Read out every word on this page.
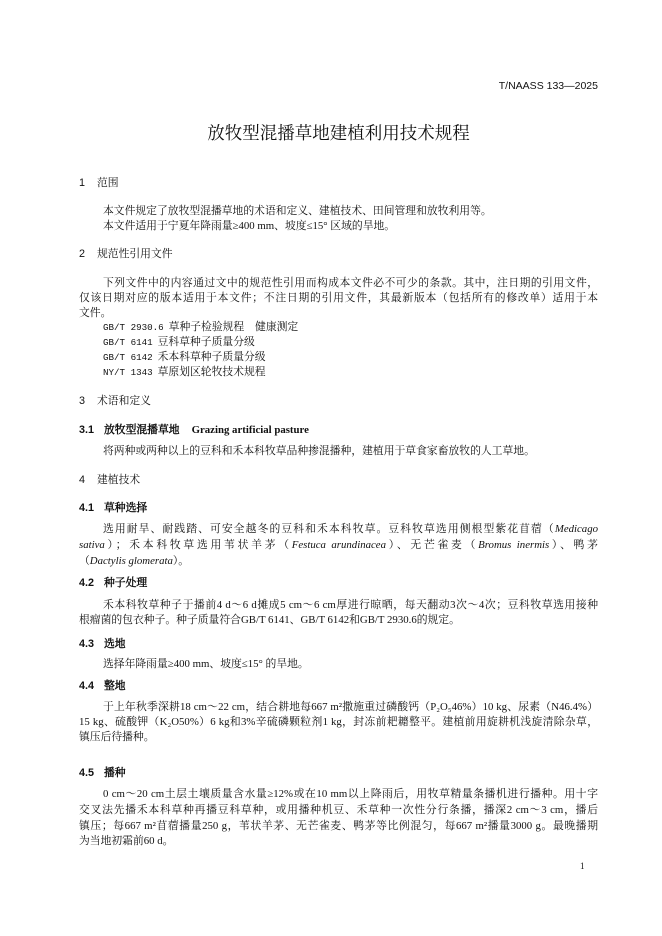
T/NAASS 133—2025
放牧型混播草地建植利用技术规程
1 范围
本文件规定了放牧型混播草地的术语和定义、建植技术、田间管理和放牧利用等。
本文件适用于宁夏年降雨量≥400 mm、坡度≤15° 区域的旱地。
2 规范性引用文件
下列文件中的内容通过文中的规范性引用而构成本文件必不可少的条款。其中，注日期的引用文件，
仅该日期对应的版本适用于本文件；不注日期的引用文件，其最新版本（包括所有的修改单）适用于本
文件。
GB/T 2930.6 草种子检验规程　健康测定
GB/T 6141 豆科草种子质量分级
GB/T 6142 禾本科草种子质量分级
NY/T 1343 草原划区轮牧技术规程
3 术语和定义
3.1 放牧型混播草地 Grazing artificial pasture
将两种或两种以上的豆科和禾本科牧草品种掺混播种，建植用于草食家畜放牧的人工草地。
4 建植技术
4.1 草种选择
选用耐旱、耐践踏、可安全越冬的豆科和禾本科牧草。豆科牧草选用侧根型紫花苜蓿（Medicago
sativa）；禾本科牧草选用苇状羊茅（Festuca arundinacea）、无芒雀麦（Bromus inermis）、鸭茅
（Dactylis glomerata）。
4.2 种子处理
禾本科牧草种子于播前4 d～6 d摊成5 cm～6 cm厚进行晾晒，每天翻动3次～4次；豆科牧草选用接种
根瘤菌的包衣种子。种子质量符合GB/T 6141、GB/T 6142和GB/T 2930.6的规定。
4.3 选地
选择年降雨量≥400 mm、坡度≤15° 的旱地。
4.4 整地
于上年秋季深耕18 cm～22 cm，结合耕地每667 m²撒施重过磷酸钙（P₂O₅46%）10 kg、尿素（N46.4%）
15 kg、硫酸钾（K₂O50%）6 kg和3%辛硫磷颗粒剂1 kg，封冻前耙耱整平。建植前用旋耕机浅旋清除杂草，
镇压后待播种。
4.5 播种
0 cm～20 cm土层土壤质量含水量≥12%或在10 mm以上降雨后，用牧草精量条播机进行播种。用十字
交叉法先播禾本科草种再播豆科草种，或用播种机豆、禾草种一次性分行条播，播深2 cm～3 cm，播后
镇压；每667 m²苜蓿播量250 g，苇状羊茅、无芒雀麦、鸭茅等比例混匀，每667 m²播量3000 g。最晚播期
为当地初霜前60 d。
1
